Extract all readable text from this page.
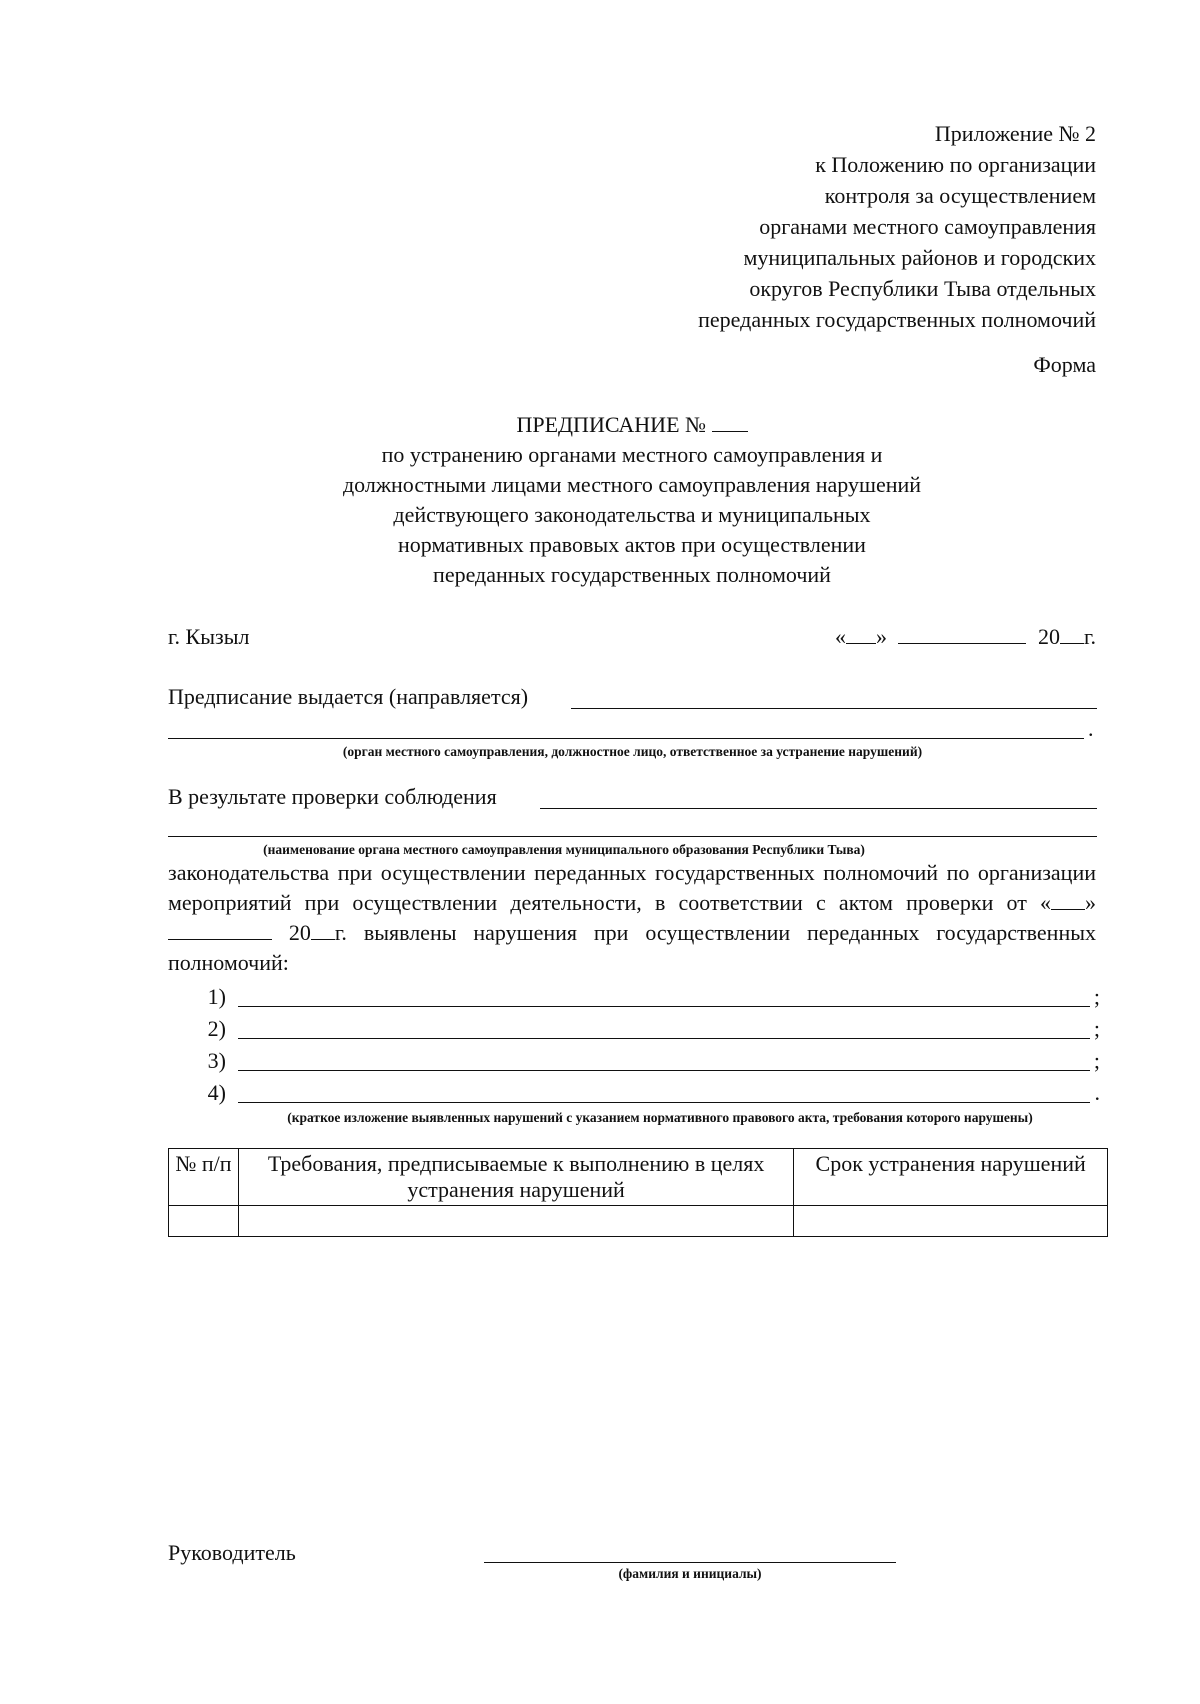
Приложение № 2
к Положению по организации
контроля за осуществлением
органами местного самоуправления
муниципальных районов и городских
округов Республики Тыва отдельных
переданных государственных полномочий
Форма
ПРЕДПИСАНИЕ №
по устранению органами местного самоуправления и
должностными лицами местного самоуправления нарушений
действующего законодательства и муниципальных
нормативных правовых актов при осуществлении
переданных государственных полномочий
г. Кызыл	« »	20 г.
Предписание выдается (направляется)
.
(орган местного самоуправления, должностное лицо, ответственное за устранение нарушений)
В результате проверки соблюдения
(наименование органа местного самоуправления муниципального образования Республики Тыва)
законодательства при осуществлении переданных государственных полномочий по организации мероприятий при осуществлении деятельности, в соответствии с актом проверки от « »  20 г. выявлены нарушения при осуществлении переданных государственных полномочий:
1)	;
2)	;
3)	;
4)	.
(краткое изложение выявленных нарушений с указанием нормативного правового акта, требования которого нарушены)
№ п/п	Требования, предписываемые к выполнению в целях устранения нарушений	Срок устранения нарушений

Руководитель
(фамилия и инициалы)
